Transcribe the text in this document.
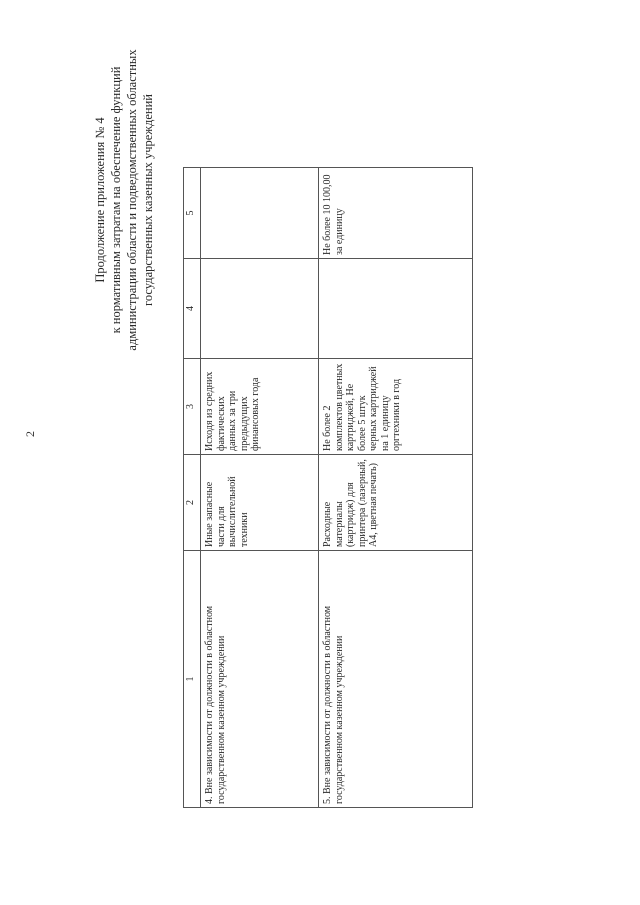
2
Продолжение приложения № 4 к нормативным затратам на обеспечение функций администрации области и подведомственных областных государственных казенных учреждений
1	2	3	4	5
4. Вне зависимости от должности в областном государственном казенном учреждении	Иные запасные части для вычислительной техники	Исходя из средних фактических данных за три предыдущих финансовых года		
5. Вне зависимости от должности в областном государственном казенном учреждении	Расходные материалы (картридж) для принтера (лазерный, А4, цветная печать)	Не более 2 комплектов цветных картриджей, Не более 5 штук черных картриджей на 1 единицу оргтехники в год		Не более 10 100,00 за единицу
